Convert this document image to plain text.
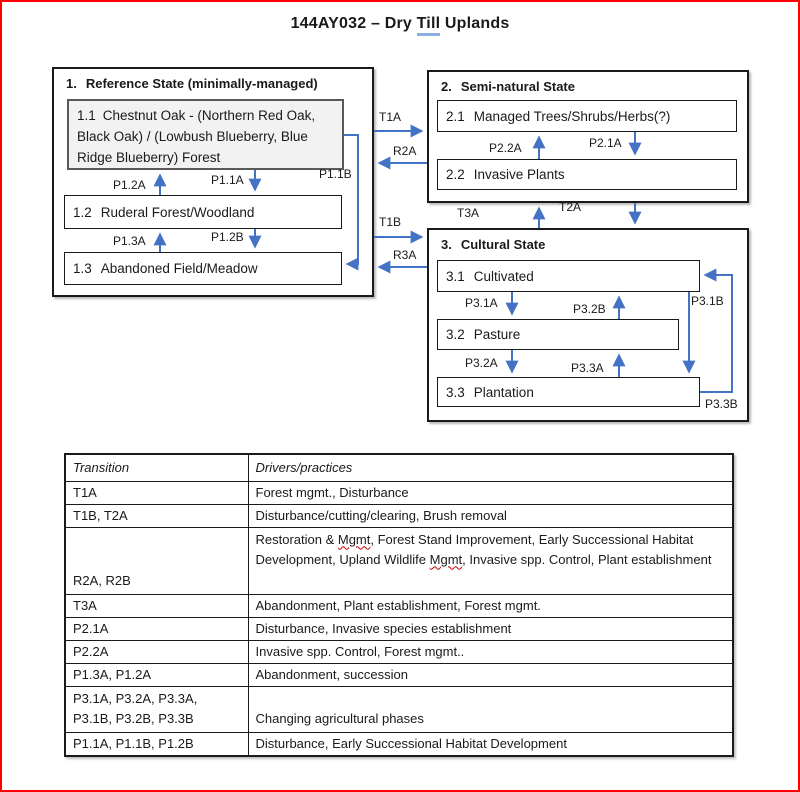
144AY032 – Dry Till Uplands
1. Reference State (minimally-managed)
1.1 Chestnut Oak - (Northern Red Oak, Black Oak) / (Lowbush Blueberry, Blue Ridge Blueberry) Forest
1.2 Ruderal Forest/Woodland
1.3 Abandoned Field/Meadow
2. Semi-natural State
2.1 Managed Trees/Shrubs/Herbs(?)
2.2 Invasive Plants
3. Cultural State
3.1 Cultivated
3.2 Pasture
3.3 Plantation
T1A
R2A
T1B
R3A
P1.2A	P1.1A	P1.1B
P1.3A	P1.2B
P2.2A	P2.1A
T3A	T2A
P3.1A	P3.2B
P3.1B
P3.2A	P3.3A
P3.3B
Transition	Drivers/practices
T1A	Forest mgmt., Disturbance
T1B, T2A	Disturbance/cutting/clearing, Brush removal
R2A, R2B	Restoration & Mgmt, Forest Stand Improvement, Early Successional Habitat Development, Upland Wildlife Mgmt, Invasive spp. Control, Plant establishment
T3A	Abandonment, Plant establishment, Forest mgmt.
P2.1A	Disturbance, Invasive species establishment
P2.2A	Invasive spp. Control, Forest mgmt..
P1.3A, P1.2A	Abandonment, succession
P3.1A, P3.2A, P3.3A,
P3.1B, P3.2B, P3.3B	Changing agricultural phases
P1.1A, P1.1B, P1.2B	Disturbance, Early Successional Habitat Development
